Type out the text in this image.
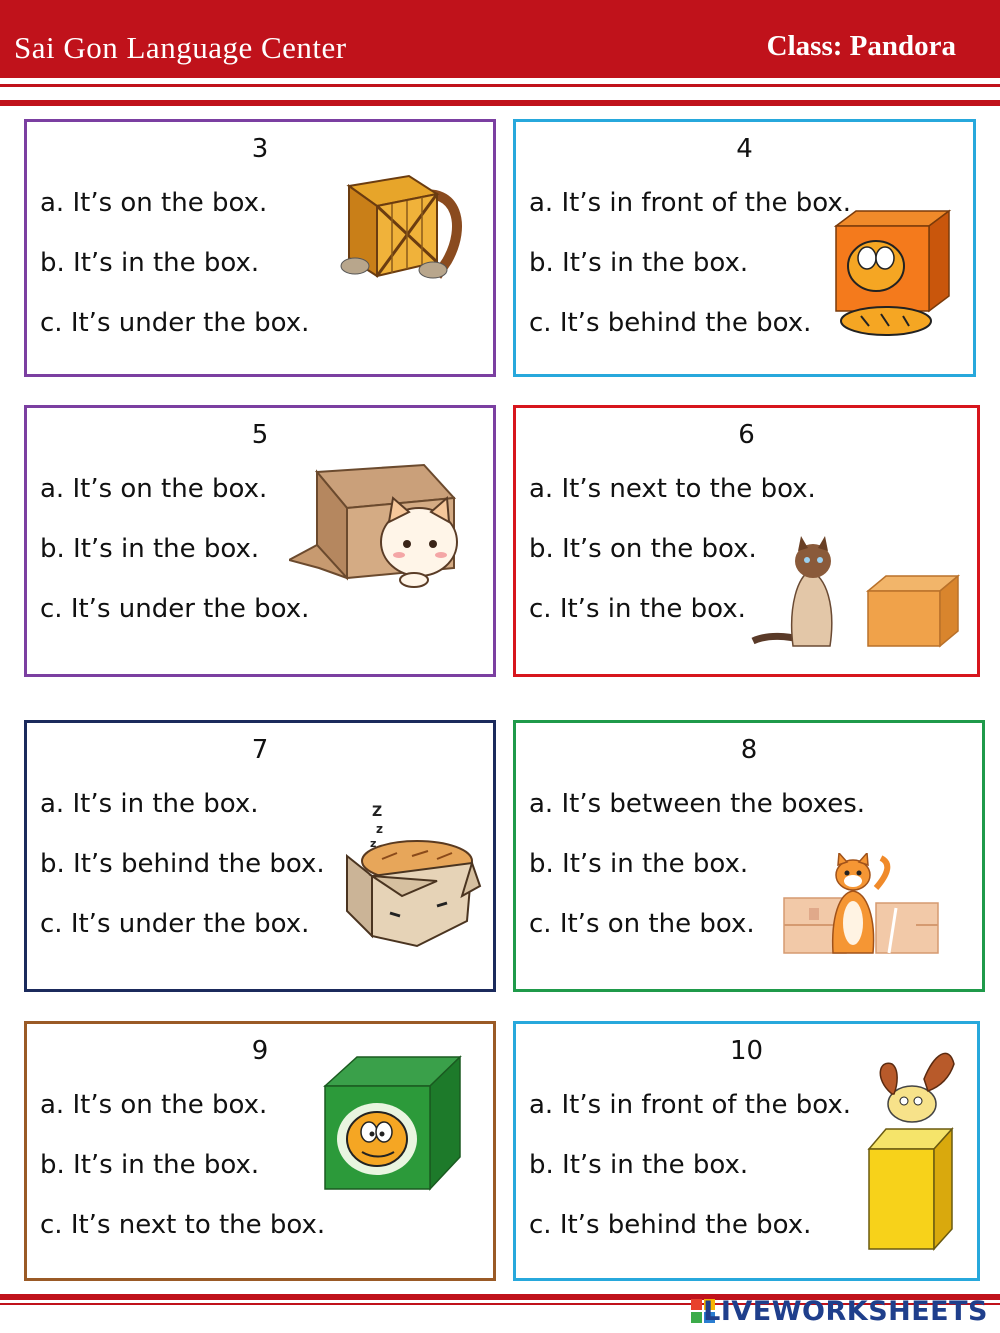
Sai Gon Language Center	Class: Pandora
3
a. It’s on the box.
b. It’s in the box.
c. It’s under the box.
4
a. It’s in front of the box.
b. It’s in the box.
c. It’s behind the box.
5
a. It’s on the box.
b. It’s in the box.
c. It’s under the box.
6
a. It’s next to the box.
b. It’s on the box.
c. It’s in the box.
7
a. It’s in the box.
b. It’s behind the box.
c. It’s under the box.
Z
z
z
8
a. It’s between the boxes.
b. It’s in the box.
c. It’s on the box.
9
a. It’s on the box.
b. It’s in the box.
c. It’s next to the box.
10
a. It’s in front of the box.
b. It’s in the box.
c. It’s behind the box.
LIVEWORKSHEETS
